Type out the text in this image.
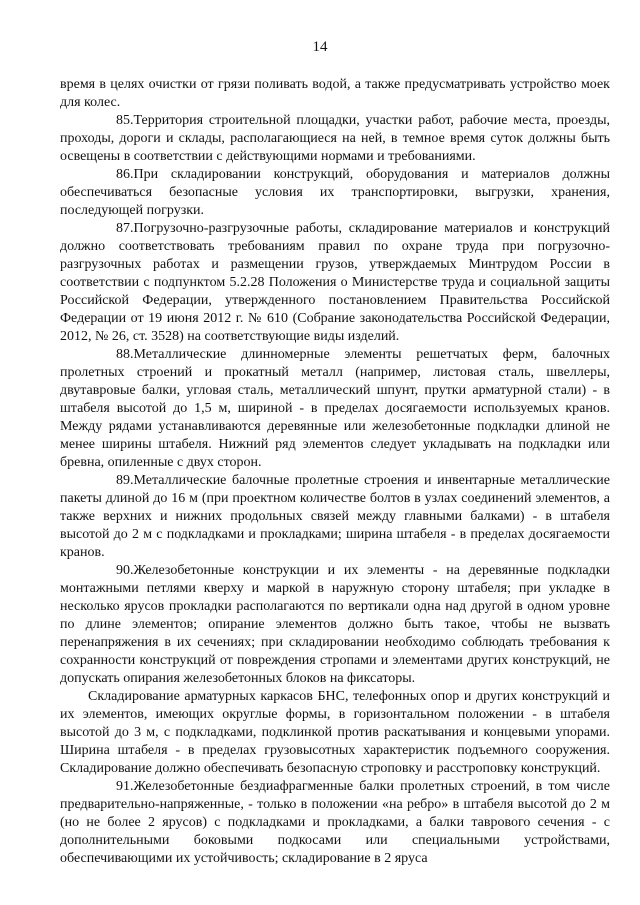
14

время в целях очистки от грязи поливать водой, а также предусматривать устройство моек для колес.

85.Территория строительной площадки, участки работ, рабочие места, проезды, проходы, дороги и склады, располагающиеся на ней, в темное время суток должны быть освещены в соответствии с действующими нормами и требованиями.

86.При складировании конструкций, оборудования и материалов должны обеспечиваться безопасные условия их транспортировки, выгрузки, хранения, последующей погрузки.

87.Погрузочно-разгрузочные работы, складирование материалов и конструкций должно соответствовать требованиям правил по охране труда при погрузочно-разгрузочных работах и размещении грузов, утверждаемых Минтрудом России в соответствии с подпунктом 5.2.28 Положения о Министерстве труда и социальной защиты Российской Федерации, утвержденного постановлением Правительства Российской Федерации от 19 июня 2012 г. № 610 (Собрание законодательства Российской Федерации, 2012, № 26, ст. 3528) на соответствующие виды изделий.

88.Металлические длинномерные элементы решетчатых ферм, балочных пролетных строений и прокатный металл (например, листовая сталь, швеллеры, двутавровые балки, угловая сталь, металлический шпунт, прутки арматурной стали) - в штабеля высотой до 1,5 м, шириной - в пределах досягаемости используемых кранов. Между рядами устанавливаются деревянные или железобетонные подкладки длиной не менее ширины штабеля. Нижний ряд элементов следует укладывать на подкладки или бревна, опиленные с двух сторон.

89.Металлические балочные пролетные строения и инвентарные металлические пакеты длиной до 16 м (при проектном количестве болтов в узлах соединений элементов, а также верхних и нижних продольных связей между главными балками) - в штабеля высотой до 2 м с подкладками и прокладками; ширина штабеля - в пределах досягаемости кранов.

90.Железобетонные конструкции и их элементы - на деревянные подкладки монтажными петлями кверху и маркой в наружную сторону штабеля; при укладке в несколько ярусов прокладки располагаются по вертикали одна над другой в одном уровне по длине элементов; опирание элементов должно быть такое, чтобы не вызвать перенапряжения в их сечениях; при складировании необходимо соблюдать требования к сохранности конструкций от повреждения стропами и элементами других конструкций, не допускать опирания железобетонных блоков на фиксаторы.

Складирование арматурных каркасов БНС, телефонных опор и других конструкций и их элементов, имеющих округлые формы, в горизонтальном положении - в штабеля высотой до 3 м, с подкладками, подклинкой против раскатывания и концевыми упорами. Ширина штабеля - в пределах грузовысотных характеристик подъемного сооружения. Складирование должно обеспечивать безопасную строповку и расстроповку конструкций.

91.Железобетонные бездиафрагменные балки пролетных строений, в том числе предварительно-напряженные, - только в положении «на ребро» в штабеля высотой до 2 м (но не более 2 ярусов) с подкладками и прокладками, а балки таврового сечения - с дополнительными боковыми подкосами или специальными устройствами, обеспечивающими их устойчивость; складирование в 2 яруса
